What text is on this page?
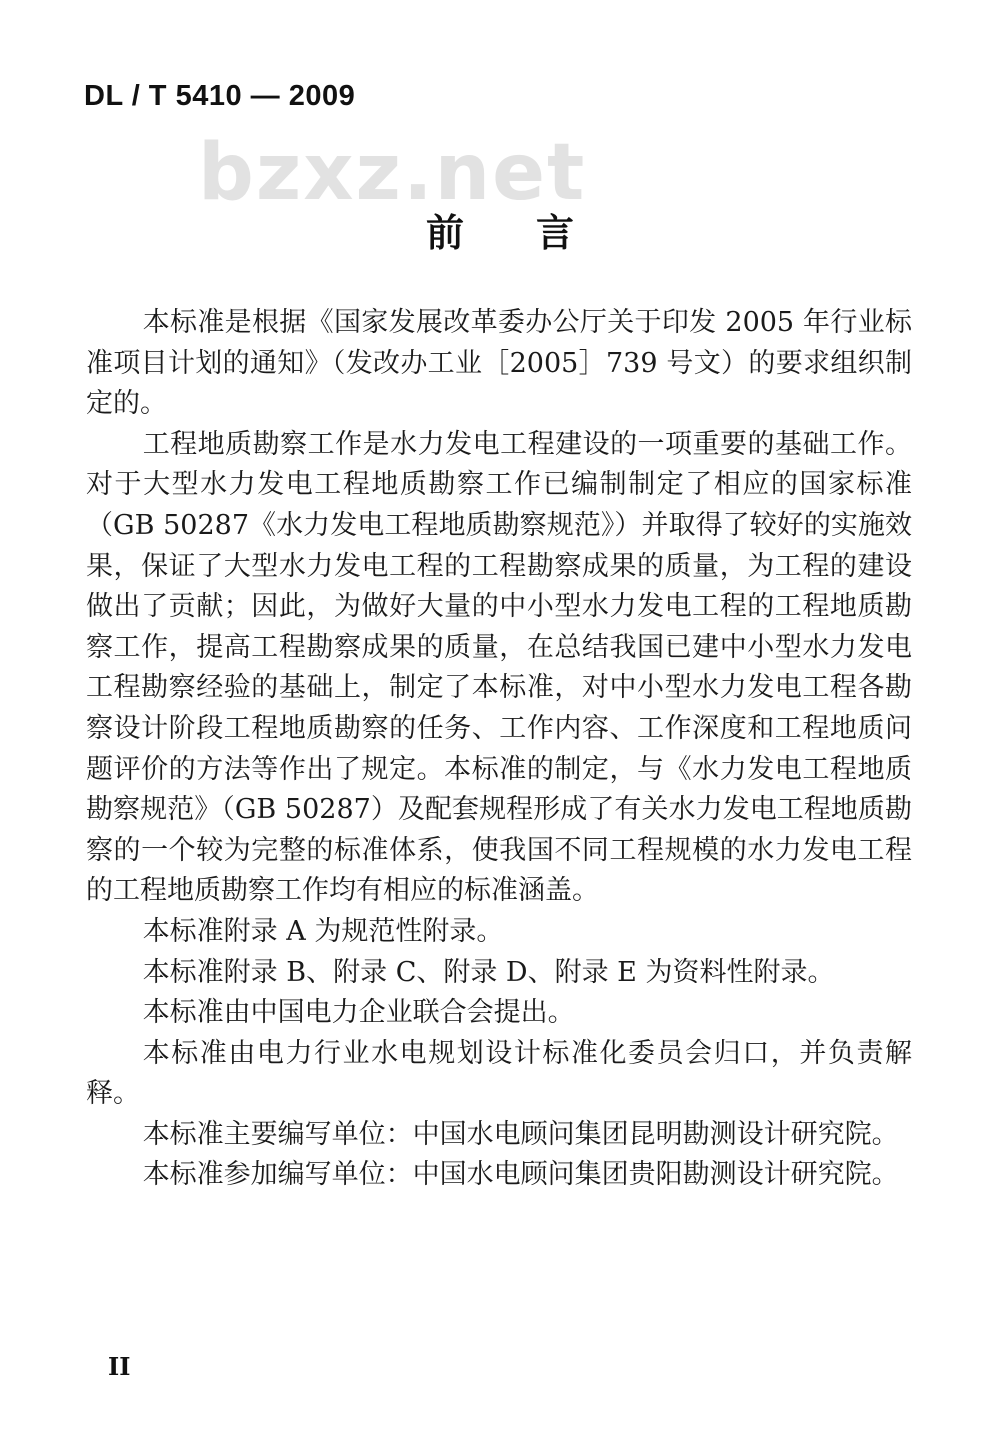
DL / T 5410 — 2009
bzxz.net
前言

本标准是根据《国家发展改革委办公厅关于印发 2005 年行业标准项目计划的通知》（发改办工业［2005］739 号文）的要求组织制定的。

工程地质勘察工作是水力发电工程建设的一项重要的基础工作。对于大型水力发电工程地质勘察工作已编制制定了相应的国家标准（GB 50287《水力发电工程地质勘察规范》）并取得了较好的实施效果，保证了大型水力发电工程的工程勘察成果的质量，为工程的建设做出了贡献；因此，为做好大量的中小型水力发电工程的工程地质勘察工作，提高工程勘察成果的质量，在总结我国已建中小型水力发电工程勘察经验的基础上，制定了本标准，对中小型水力发电工程各勘察设计阶段工程地质勘察的任务、工作内容、工作深度和工程地质问题评价的方法等作出了规定。本标准的制定，与《水力发电工程地质勘察规范》（GB 50287）及配套规程形成了有关水力发电工程地质勘察的一个较为完整的标准体系，使我国不同工程规模的水力发电工程的工程地质勘察工作均有相应的标准涵盖。

本标准附录 A 为规范性附录。

本标准附录 B、附录 C、附录 D、附录 E 为资料性附录。

本标准由中国电力企业联合会提出。

本标准由电力行业水电规划设计标准化委员会归口，并负责解释。

本标准主要编写单位：中国水电顾问集团昆明勘测设计研究院。

本标准参加编写单位：中国水电顾问集团贵阳勘测设计研究院。

II
